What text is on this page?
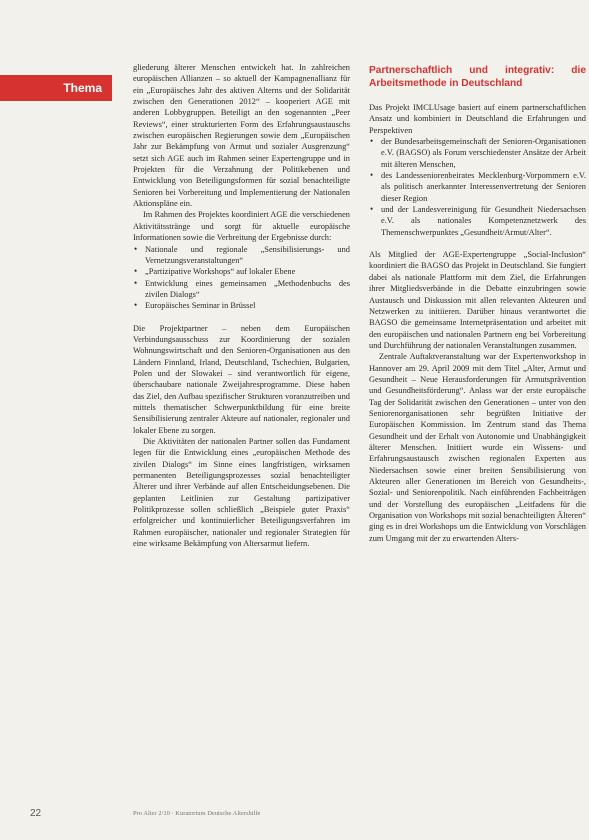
Thema

gliederung älterer Menschen entwickelt hat. In zahlreichen europäischen Allianzen – so aktuell der Kampagnenallianz für ein „Europäisches Jahr des aktiven Alterns und der Solidarität zwischen den Generationen 2012“ – kooperiert AGE mit anderen Lobbygruppen. Beteiligt an den sogenannten „Peer Reviews“, einer strukturierten Form des Erfahrungsaustauschs zwischen europäischen Regierungen sowie dem „Europäischen Jahr zur Bekämpfung von Armut und sozialer Ausgrenzung“ setzt sich AGE auch im Rahmen seiner Expertengruppe und in Projekten für die Verzahnung der Politikebenen und Entwicklung von Beteiligungsformen für sozial benachteiligte Senioren bei Vorbereitung und Implementierung der Nationalen Aktionspläne ein.

Im Rahmen des Projektes koordiniert AGE die verschiedenen Aktivitätsstränge und sorgt für aktuelle europäische Informationen sowie die Verbreitung der Ergebnisse durch:

• Nationale und regionale „Sensibilisierungs- und Vernetzungsveranstaltungen“
• „Partizipative Workshops“ auf lokaler Ebene
• Entwicklung eines gemeinsamen „Methodenbuchs des zivilen Dialogs“
• Europäisches Seminar in Brüssel

Die Projektpartner – neben dem Europäischen Verbindungsausschuss zur Koordinierung der sozialen Wohnungswirtschaft und den Senioren-Organisationen aus den Ländern Finnland, Irland, Deutschland, Tschechien, Bulgarien, Polen und der Slowakei – sind verantwortlich für eigene, überschaubare nationale Zweijahresprogramme. Diese haben das Ziel, den Aufbau spezifischer Strukturen voranzutreiben und mittels thematischer Schwerpunktbildung für eine breite Sensibilisierung zentraler Akteure auf nationaler, regionaler und lokaler Ebene zu sorgen.

Die Aktivitäten der nationalen Partner sollen das Fundament legen für die Entwicklung eines „europäischen Methode des zivilen Dialogs“ im Sinne eines langfristigen, wirksamen permanenten Beteiligungsprozesses sozial benachteiligter Älterer und ihrer Verbände auf allen Entscheidungsebenen. Die geplanten Leitlinien zur Gestaltung partizipativer Politikprozesse sollen schließlich „Beispiele guter Praxis“ erfolgreicher und kontinuierlicher Beteiligungsverfahren im Rahmen europäischer, nationaler und regionaler Strategien für eine wirksame Bekämpfung von Altersarmut liefern.

Partnerschaftlich und integrativ: die Arbeitsmethode in Deutschland

Das Projekt IMCLUsage basiert auf einem partnerschaftlichen Ansatz und kombiniert in Deutschland die Erfahrungen und Perspektiven

• der Bundesarbeitsgemeinschaft der Senioren-Organisationen e.V. (BAGSO) als Forum verschiedenster Ansätze der Arbeit mit älteren Menschen,
• des Landesseniorenbeirates Mecklenburg-Vorpommern e.V. als politisch anerkannter Interessenvertretung der Senioren dieser Region
• und der Landesvereinigung für Gesundheit Niedersachsen e.V. als nationales Kompetenznetzwerk des Themenschwerpunktes „Gesundheit/Armut/Alter“.

Als Mitglied der AGE-Expertengruppe „Social-Inclusion“ koordiniert die BAGSO das Projekt in Deutschland. Sie fungiert dabei als nationale Plattform mit dem Ziel, die Erfahrungen ihrer Mitgliedsverbände in die Debatte einzubringen sowie Austausch und Diskussion mit allen relevanten Akteuren und Netzwerken zu initiieren. Darüber hinaus verantwortet die BAGSO die gemeinsame Internetpräsentation und arbeitet mit den europäischen und nationalen Partnern eng bei Vorbereitung und Durchführung der nationalen Veranstaltungen zusammen.

Zentrale Auftaktveranstaltung war der Expertenworkshop in Hannover am 29. April 2009 mit dem Titel „Alter, Armut und Gesundheit – Neue Herausforderungen für Armutsprävention und Gesundheitsförderung“. Anlass war der erste europäische Tag der Solidarität zwischen den Generationen – unter von den Seniorenorganisationen sehr begrüßten Initiative der Europäischen Kommission. Im Zentrum stand das Thema Gesundheit und der Erhalt von Autonomie und Unabhängigkeit älterer Menschen. Initiiert wurde ein Wissens- und Erfahrungsaustausch zwischen regionalen Experten aus Niedersachsen sowie einer breiten Sensibilisierung von Akteuren aller Generationen im Bereich von Gesundheits-, Sozial- und Seniorenpolitik. Nach einführenden Fachbeiträgen und der Vorstellung des europäischen „Leitfadens für die Organisation von Workshops mit sozial benachteiligten Älteren“ ging es in drei Workshops um die Entwicklung von Vorschlägen zum Umgang mit der zu erwartenden Alters-

22	Pro Alter 2/10 · Kuratorium Deutsche Altershilfe
